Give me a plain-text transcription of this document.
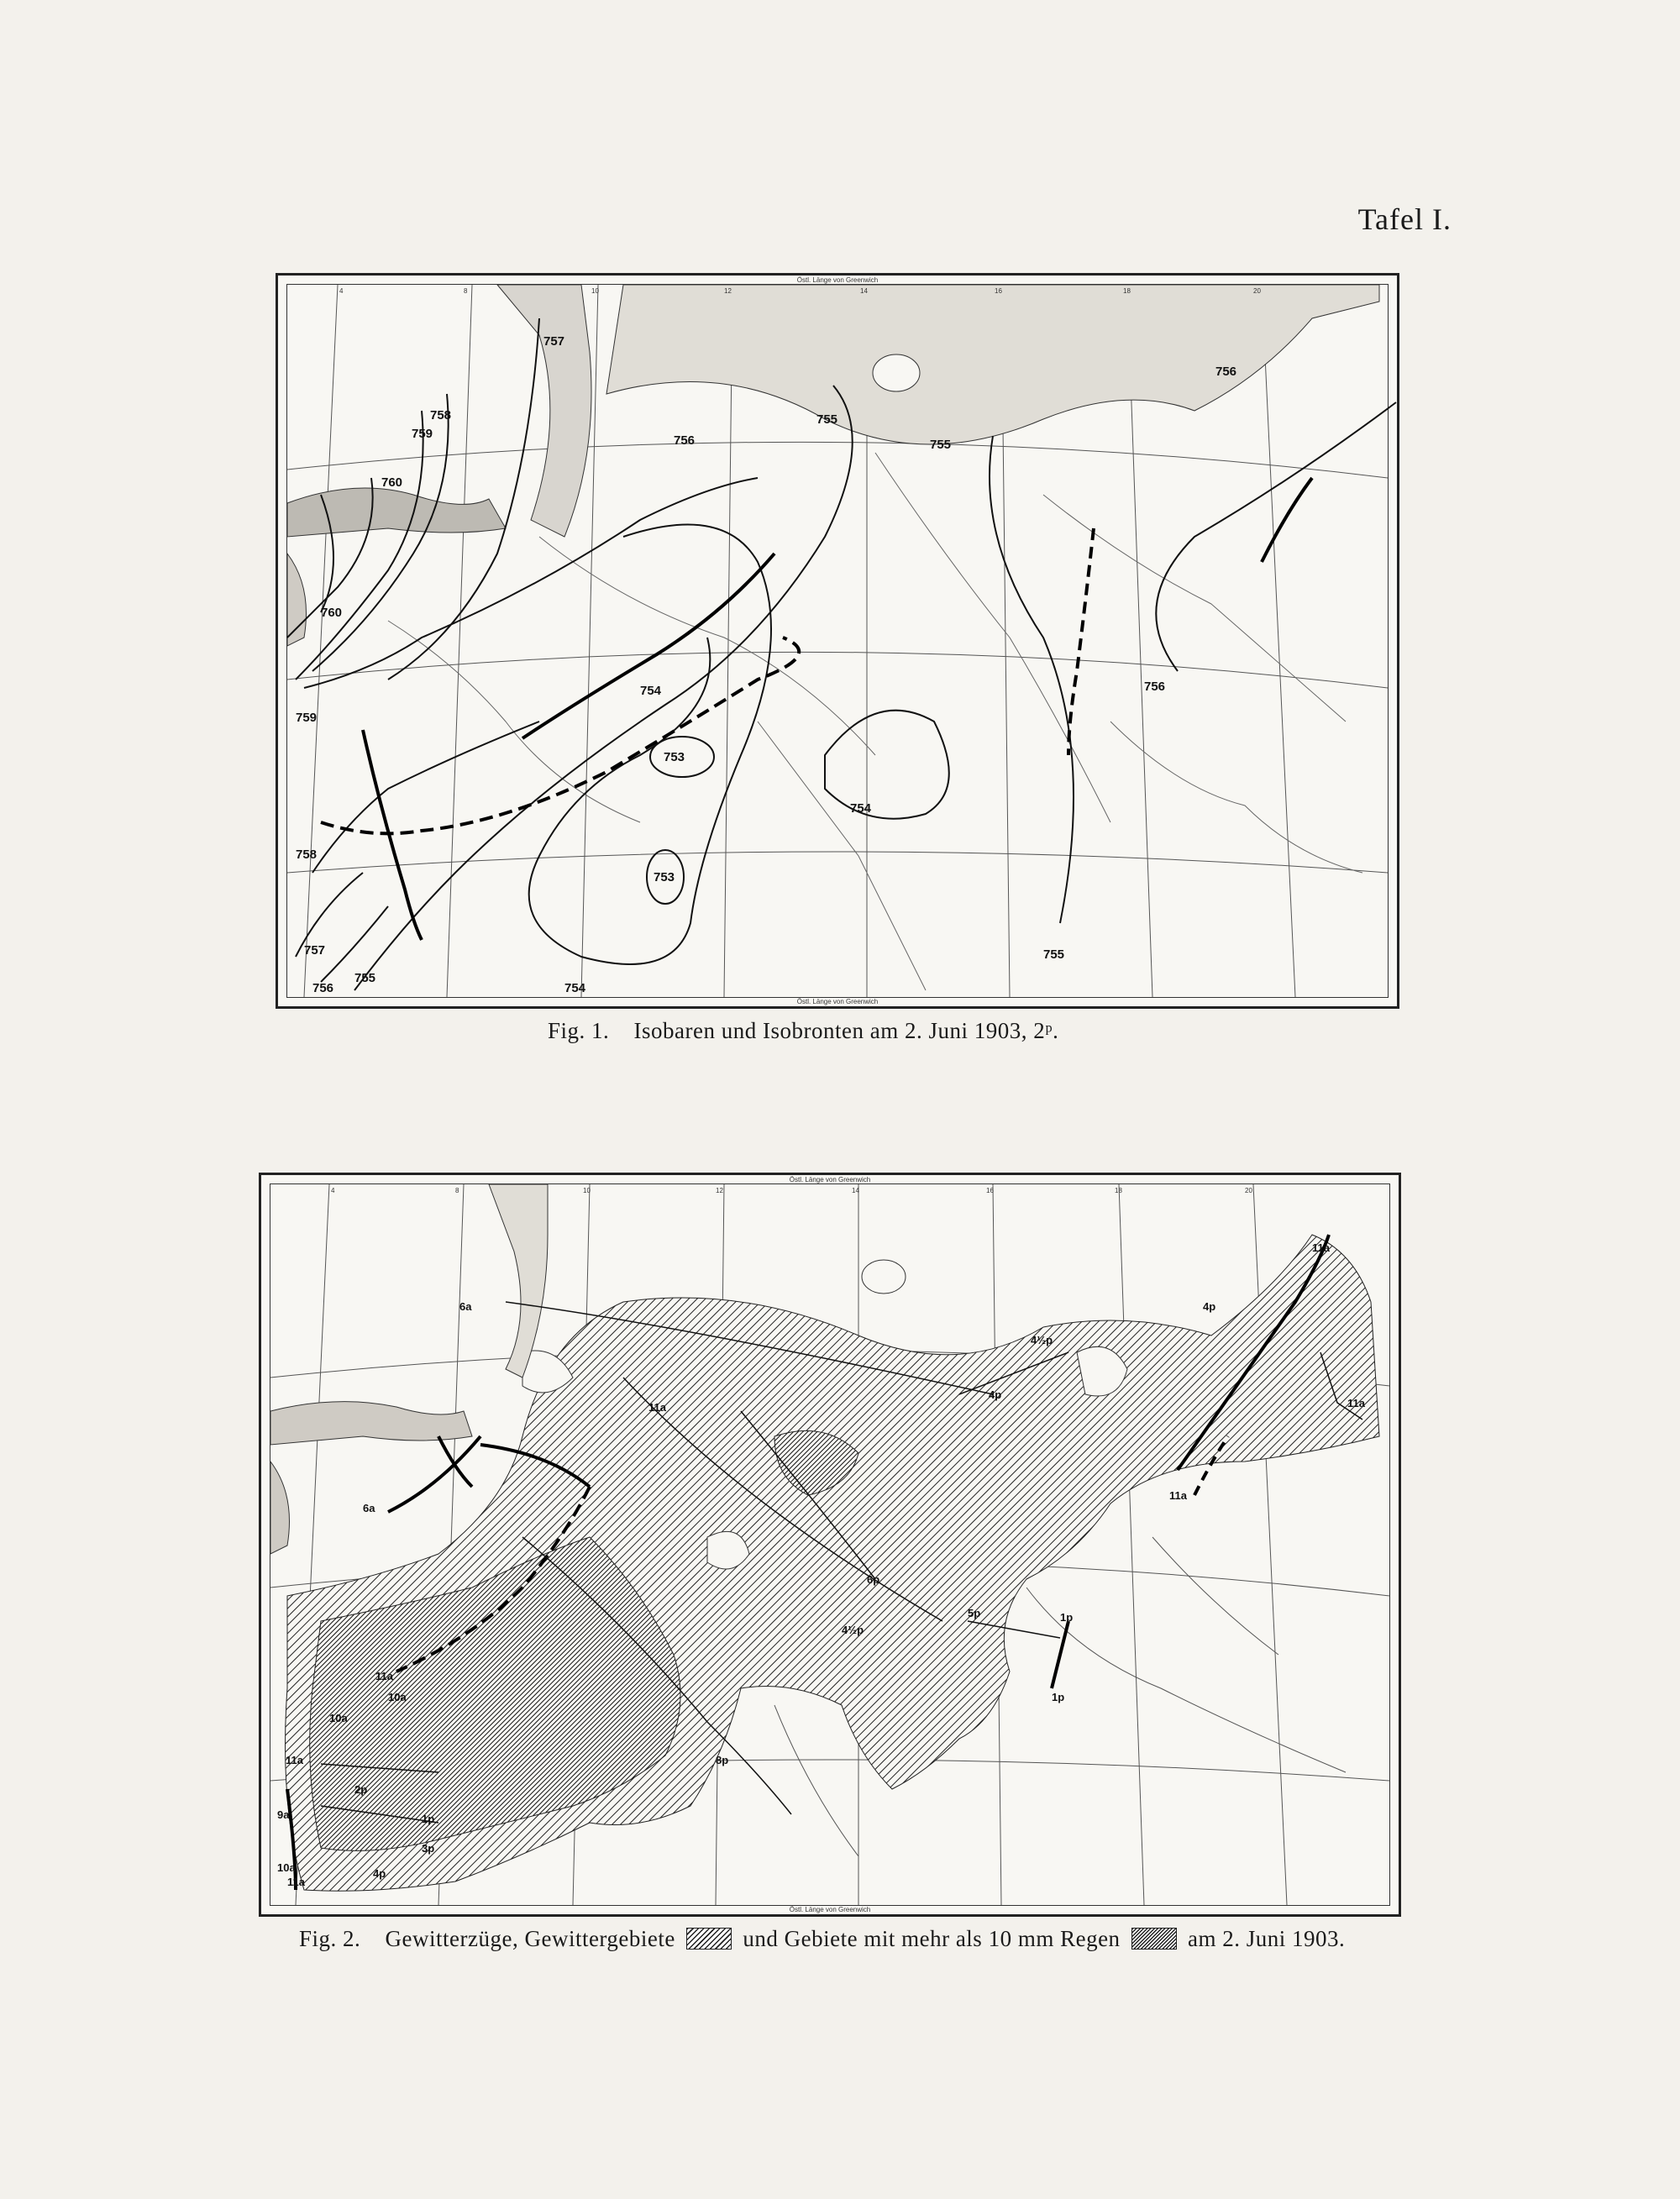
Tafel I.
757
758
759
760
760
759
758
757
756
755
756
755
755
756
754
753
753
754
754
755
756
4	8	10	12	14	16	18	20
Östl. Länge von Greenwich
Östl. Länge von Greenwich
Fig. 1. Isobaren und Isobronten am 2. Juni 1903, 2ᵖ.
6a
6a
11a
11a
10a
10a
11a
9a
10a
11a
2p
1p
3p
4p
4p
4½p
4p
6p
4½p
5p
8p
1p
1p
11a
11a
11a
4	8	10	12	14	16	18	20
Östl. Länge von Greenwich
Östl. Länge von Greenwich
Fig. 2. Gewitterzüge, Gewittergebiete	und Gebiete mit mehr als 10 mm Regen	am 2. Juni 1903.
